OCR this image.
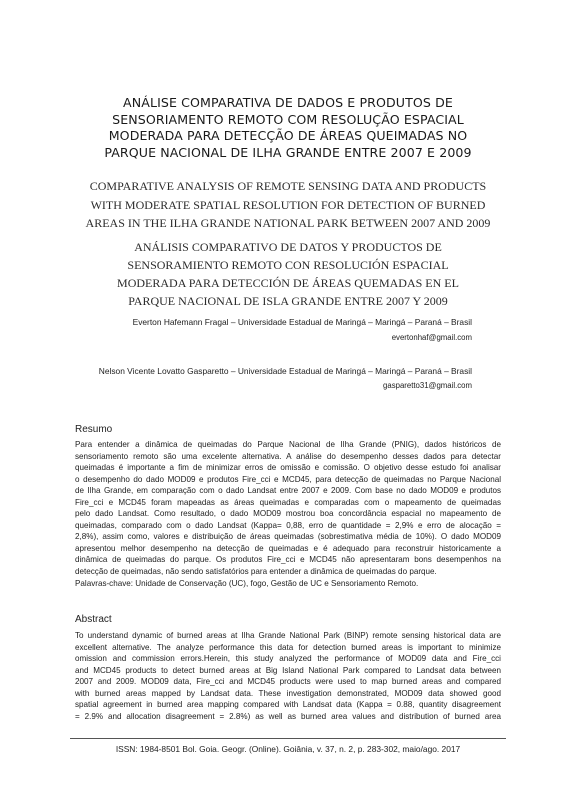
ANÁLISE COMPARATIVA DE DADOS E PRODUTOS DE
SENSORIAMENTO REMOTO COM RESOLUÇÃO ESPACIAL
MODERADA PARA DETECÇÃO DE ÁREAS QUEIMADAS NO
PARQUE NACIONAL DE ILHA GRANDE ENTRE 2007 E 2009
COMPARATIVE ANALYSIS OF REMOTE SENSING DATA AND PRODUCTS
WITH MODERATE SPATIAL RESOLUTION FOR DETECTION OF BURNED
AREAS IN THE ILHA GRANDE NATIONAL PARK BETWEEN 2007 AND 2009
ANÁLISIS COMPARATIVO DE DATOS Y PRODUCTOS DE
SENSORAMIENTO REMOTO CON RESOLUCIÓN ESPACIAL
MODERADA PARA DETECCIÓN DE ÁREAS QUEMADAS EN EL
PARQUE NACIONAL DE ISLA GRANDE ENTRE 2007 Y 2009
Everton Hafemann Fragal – Universidade Estadual de Maringá – Maringá – Paraná – Brasil
evertonhaf@gmail.com
Nelson Vicente Lovatto Gasparetto – Universidade Estadual de Maringá – Maringá – Paraná – Brasil
gasparetto31@gmail.com
Resumo
Para entender a dinâmica de queimadas do Parque Nacional de Ilha Grande (PNIG), dados históricos de
sensoriamento remoto são uma excelente alternativa. A análise do desempenho desses dados para detectar
queimadas é importante a fim de minimizar erros de omissão e comissão. O objetivo desse estudo foi analisar
o desempenho do dado MOD09 e produtos Fire_cci e MCD45, para detecção de queimadas no Parque Nacional
de Ilha Grande, em comparação com o dado Landsat entre 2007 e 2009. Com base no dado MOD09 e produtos
Fire_cci e MCD45 foram mapeadas as áreas queimadas e comparadas com o mapeamento de queimadas
pelo dado Landsat. Como resultado, o dado MOD09 mostrou boa concordância espacial no mapeamento de
queimadas, comparado com o dado Landsat (Kappa= 0,88, erro de quantidade = 2,9% e erro de alocação =
2,8%), assim como, valores e distribuição de áreas queimadas (sobrestimativa média de 10%). O dado MOD09
apresentou melhor desempenho na detecção de queimadas e é adequado para reconstruir historicamente a
dinâmica de queimadas do parque. Os produtos Fire_cci e MCD45 não apresentaram bons desempenhos na
detecção de queimadas, não sendo satisfatórios para entender a dinâmica de queimadas do parque.
Palavras-chave: Unidade de Conservação (UC), fogo, Gestão de UC e Sensoriamento Remoto.
Abstract
To understand dynamic of burned areas at Ilha Grande National Park (BINP) remote sensing historical data are
excellent alternative. The analyze performance this data for detection burned areas is important to minimize
omission and commission errors.Herein, this study analyzed the performance of MOD09 data and Fire_cci
and MCD45 products to detect burned areas at Big Island National Park compared to Landsat data between
2007 and 2009. MOD09 data, Fire_cci and MCD45 products were used to map burned areas and compared
with burned areas mapped by Landsat data. These investigation demonstrated, MOD09 data showed good
spatial agreement in burned area mapping compared with Landsat data (Kappa = 0.88, quantity disagreement
= 2.9% and allocation disagreement = 2.8%) as well as burned area values and distribution of burned area
ISSN: 1984-8501 Bol. Goia. Geogr. (Online). Goiânia, v. 37, n. 2, p. 283-302, maio/ago. 2017
